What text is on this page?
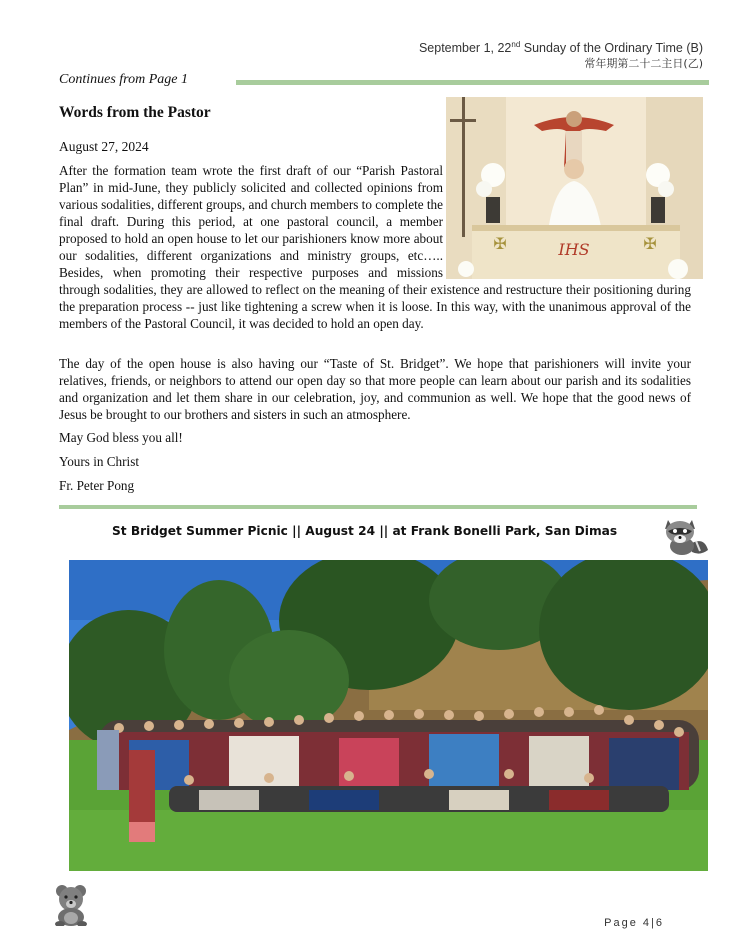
September 1, 22nd Sunday of the Ordinary Time (B)
常年期第二十二主日(乙)
Continues from Page 1
Words from the Pastor
August 27, 2024
IHS
✠	✠

After the formation team wrote the first draft of our “Parish Pastoral Plan” in mid-June, they publicly solicited and collected opinions from various sodalities, different groups, and church members to complete the final draft. During this period, at one pastoral council, a member proposed to hold an open house to let our parishioners know more about our sodalities, different organizations and ministry groups, etc….. Besides, when promoting their respective purposes and missions through sodalities, they are allowed to reflect on the meaning of their existence and restructure their positioning during the preparation process -- just like tightening a screw when it is loose. In this way, with the unanimous approval of the members of the Pastoral Council, it was decided to hold an open day.

The day of the open house is also having our “Taste of St. Bridget”. We hope that parishioners will invite your relatives, friends, or neighbors to attend our open day so that more people can learn about our parish and its sodalities and organization and let them share in our celebration, joy, and communion as well. We hope that the good news of Jesus be brought to our brothers and sisters in such an atmosphere.

May God bless you all!
Yours in Christ
Fr. Peter Pong
St Bridget Summer Picnic || August 24 || at Frank Bonelli Park, San Dimas
Page 4|6
